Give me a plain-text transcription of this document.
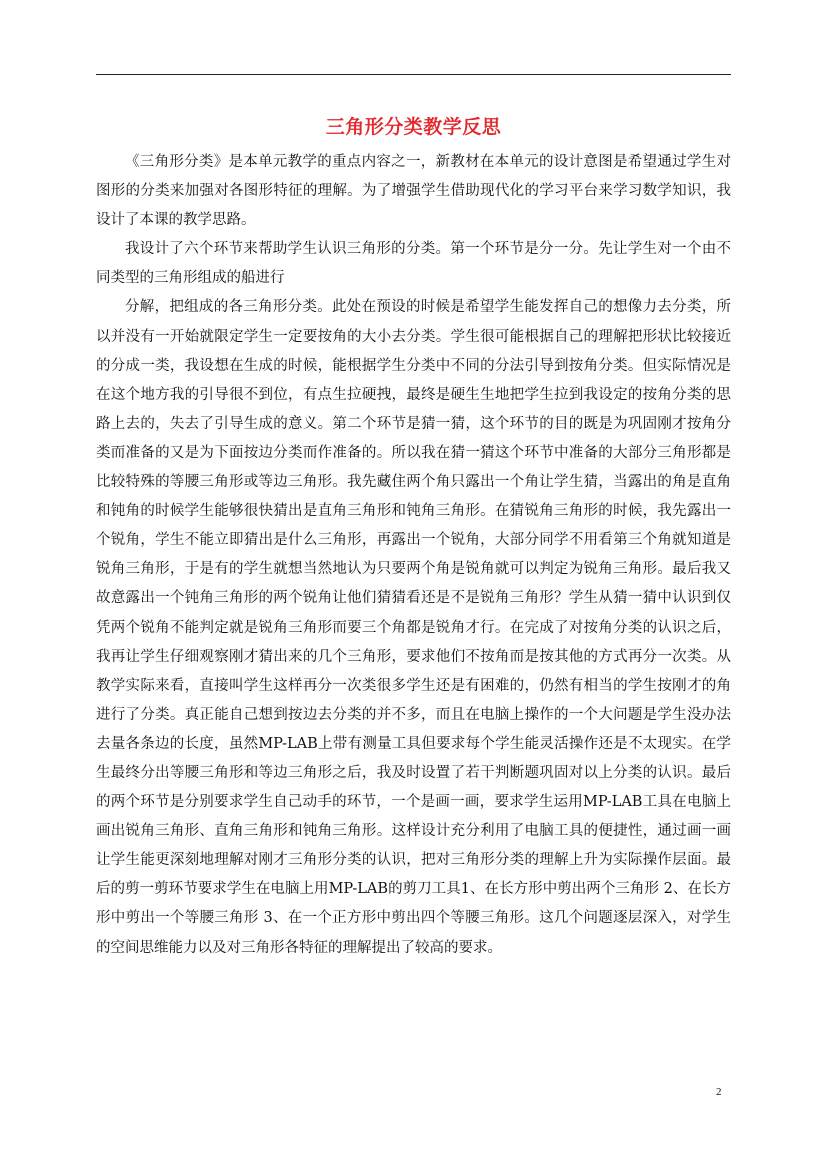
三角形分类教学反思

《三角形分类》是本单元教学的重点内容之一，新教材在本单元的设计意图是希望通过学生对图形的分类来加强对各图形特征的理解。为了增强学生借助现代化的学习平台来学习数学知识，我设计了本课的教学思路。

我设计了六个环节来帮助学生认识三角形的分类。第一个环节是分一分。先让学生对一个由不同类型的三角形组成的船进行

分解，把组成的各三角形分类。此处在预设的时候是希望学生能发挥自己的想像力去分类，所以并没有一开始就限定学生一定要按角的大小去分类。学生很可能根据自己的理解把形状比较接近的分成一类，我设想在生成的时候，能根据学生分类中不同的分法引导到按角分类。但实际情况是在这个地方我的引导很不到位，有点生拉硬拽，最终是硬生生地把学生拉到我设定的按角分类的思路上去的，失去了引导生成的意义。第二个环节是猜一猜，这个环节的目的既是为巩固刚才按角分类而准备的又是为下面按边分类而作准备的。所以我在猜一猜这个环节中准备的大部分三角形都是比较特殊的等腰三角形或等边三角形。我先藏住两个角只露出一个角让学生猜，当露出的角是直角和钝角的时候学生能够很快猜出是直角三角形和钝角三角形。在猜锐角三角形的时候，我先露出一个锐角，学生不能立即猜出是什么三角形，再露出一个锐角，大部分同学不用看第三个角就知道是锐角三角形，于是有的学生就想当然地认为只要两个角是锐角就可以判定为锐角三角形。最后我又故意露出一个钝角三角形的两个锐角让他们猜猜看还是不是锐角三角形？学生从猜一猜中认识到仅凭两个锐角不能判定就是锐角三角形而要三个角都是锐角才行。在完成了对按角分类的认识之后，我再让学生仔细观察刚才猜出来的几个三角形，要求他们不按角而是按其他的方式再分一次类。从教学实际来看，直接叫学生这样再分一次类很多学生还是有困难的，仍然有相当的学生按刚才的角进行了分类。真正能自己想到按边去分类的并不多，而且在电脑上操作的一个大问题是学生没办法去量各条边的长度，虽然MP-LAB上带有测量工具但要求每个学生能灵活操作还是不太现实。在学生最终分出等腰三角形和等边三角形之后，我及时设置了若干判断题巩固对以上分类的认识。最后的两个环节是分别要求学生自己动手的环节，一个是画一画，要求学生运用MP-LAB工具在电脑上画出锐角三角形、直角三角形和钝角三角形。这样设计充分利用了电脑工具的便捷性，通过画一画让学生能更深刻地理解对刚才三角形分类的认识，把对三角形分类的理解上升为实际操作层面。最后的剪一剪环节要求学生在电脑上用MP-LAB的剪刀工具1、在长方形中剪出两个三角形 2、在长方形中剪出一个等腰三角形 3、在一个正方形中剪出四个等腰三角形。这几个问题逐层深入，对学生的空间思维能力以及对三角形各特征的理解提出了较高的要求。

2
